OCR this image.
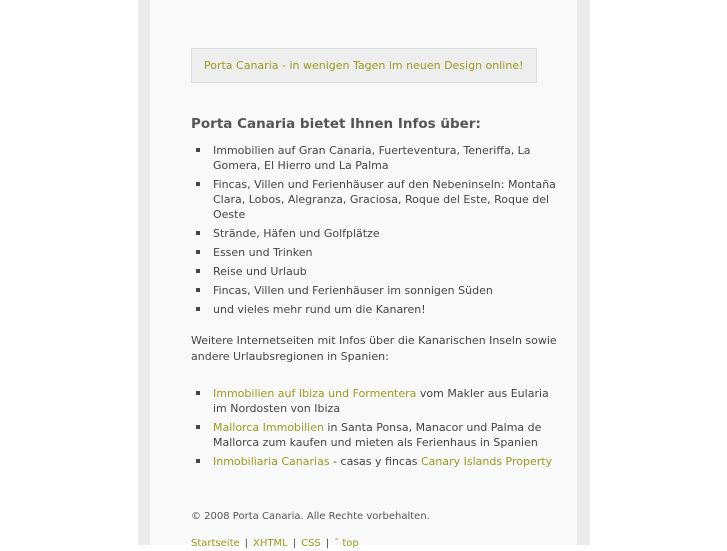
Porta Canaria - in wenigen Tagen im neuen Design online!
Porta Canaria bietet Ihnen Infos über:
Immobilien auf Gran Canaria, Fuerteventura, Teneriffa, La Gomera, El Hierro und La Palma
Fincas, Villen und Ferienhäuser auf den Nebeninseln: Montaña Clara, Lobos, Alegranza, Graciosa, Roque del Este, Roque del Oeste
Strände, Häfen und Golfplätze
Essen und Trinken
Reise und Urlaub
Fincas, Villen und Ferienhäuser im sonnigen Süden
und vieles mehr rund um die Kanaren!
Weitere Internetseiten mit Infos über die Kanarischen Inseln sowie andere Urlaubsregionen in Spanien:
Immobilien auf Ibiza und Formentera vom Makler aus Eularia im Nordosten von Ibiza
Mallorca Immobilien in Santa Ponsa, Manacor und Palma de Mallorca zum kaufen und mieten als Ferienhaus in Spanien
Inmobiliaria Canarias - casas y fincas Canary Islands Property
© 2008 Porta Canaria. Alle Rechte vorbehalten.
Startseite | XHTML | CSS | ˆ top
